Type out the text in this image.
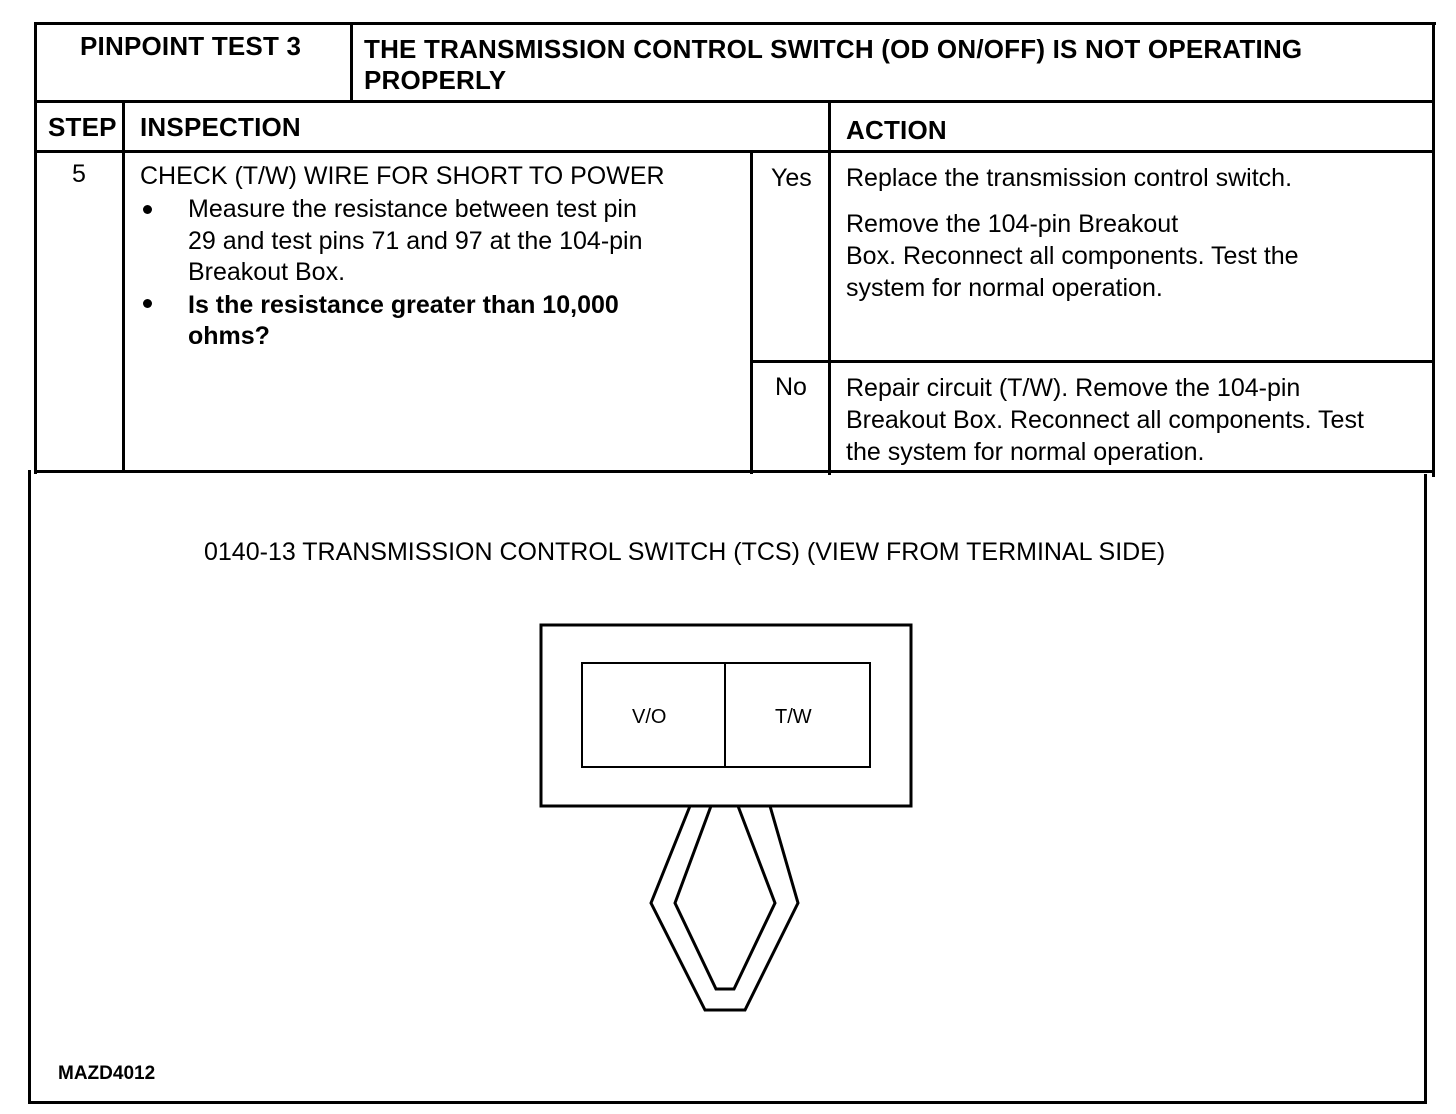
PINPOINT TEST 3 THE TRANSMISSION CONTROL SWITCH (OD ON/OFF) IS NOT OPERATING
PROPERLY
STEP INSPECTION	ACTION
5 CHECK (T/W) WIRE FOR SHORT TO POWER
Measure the resistance between test pin
29 and test pins 71 and 97 at the 104-pin
Breakout Box.
Is the resistance greater than 10,000
ohms?
Yes Replace the transmission control switch.
Remove the 104-pin Breakout
Box. Reconnect all components. Test the
system for normal operation.
No Repair circuit (T/W). Remove the 104-pin
Breakout Box. Reconnect all components. Test
the system for normal operation.
0140-13 TRANSMISSION CONTROL SWITCH (TCS) (VIEW FROM TERMINAL SIDE)
V/O	T/W
MAZD4012
